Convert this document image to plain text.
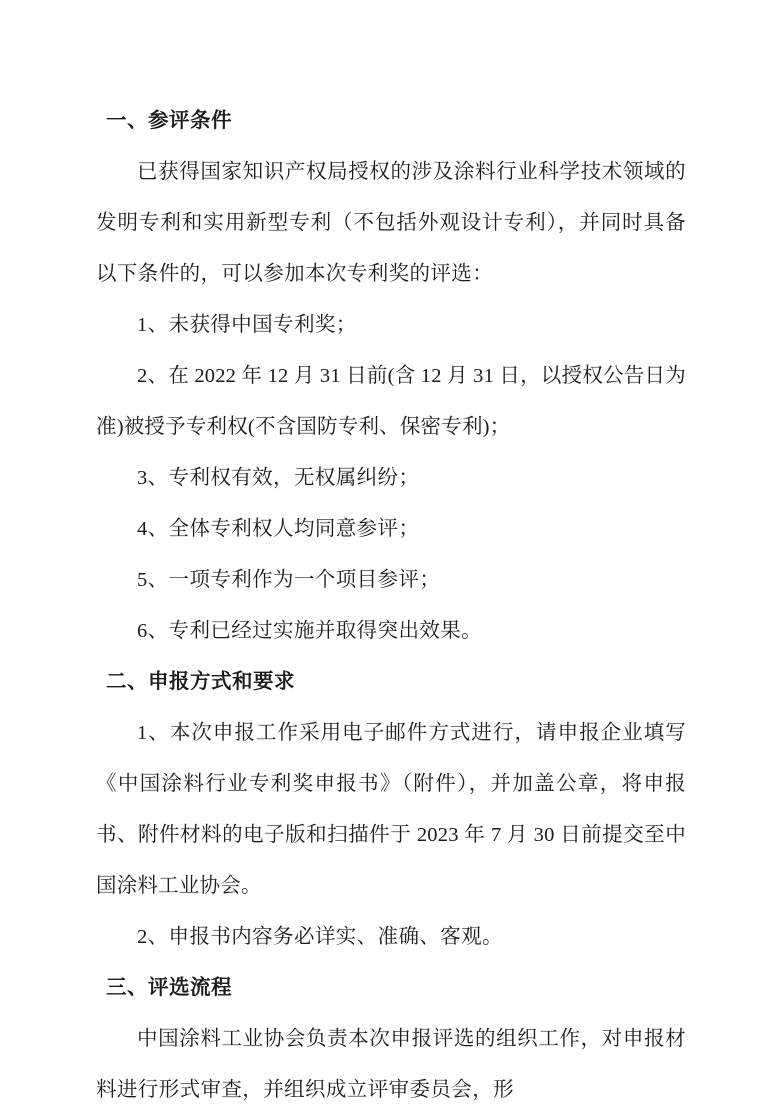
一、参评条件

已获得国家知识产权局授权的涉及涂料行业科学技术领域的发明专利和实用新型专利（不包括外观设计专利），并同时具备以下条件的，可以参加本次专利奖的评选：

1、未获得中国专利奖；

2、在 2022 年 12 月 31 日前(含 12 月 31 日，以授权公告日为准)被授予专利权(不含国防专利、保密专利)；

3、专利权有效，无权属纠纷；

4、全体专利权人均同意参评；

5、一项专利作为一个项目参评；

6、专利已经过实施并取得突出效果。

二、申报方式和要求

1、本次申报工作采用电子邮件方式进行，请申报企业填写《中国涂料行业专利奖申报书》（附件），并加盖公章，将申报书、附件材料的电子版和扫描件于 2023 年 7 月 30 日前提交至中国涂料工业协会。

2、申报书内容务必详实、准确、客观。

三、评选流程

中国涂料工业协会负责本次申报评选的组织工作，对申报材料进行形式审查，并组织成立评审委员会，形
